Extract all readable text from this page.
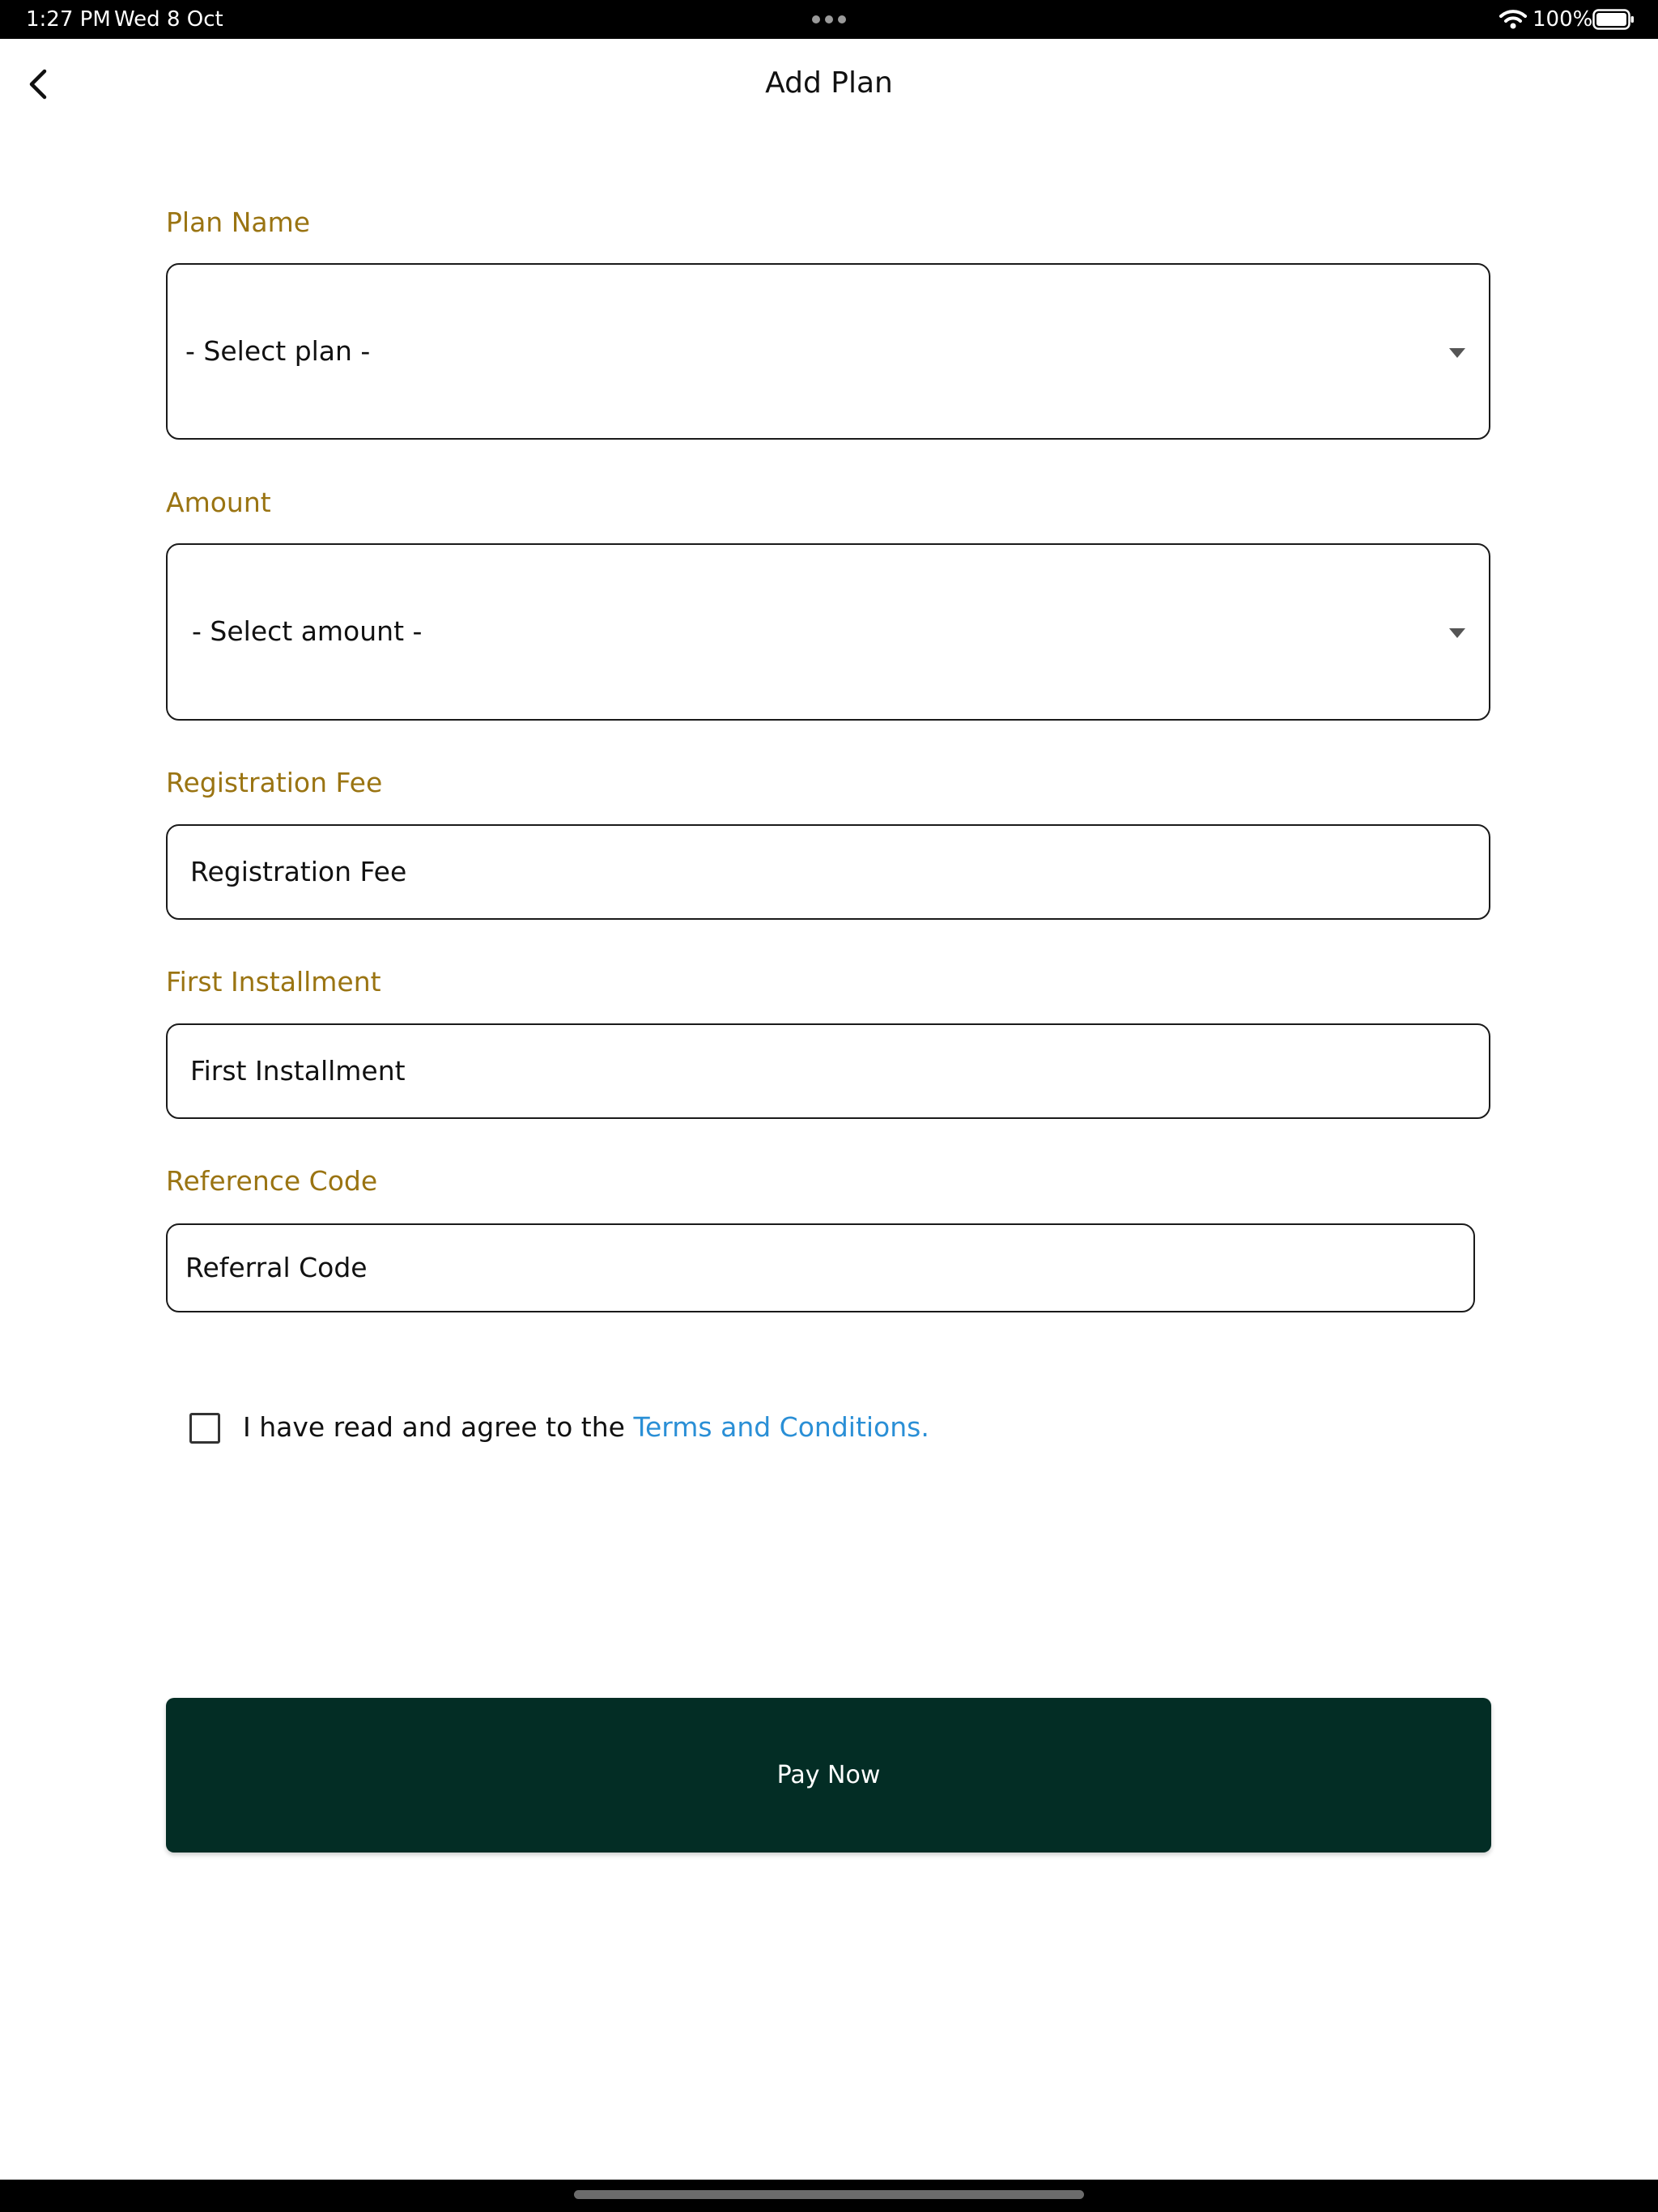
1:27 PM Wed 8 Oct	100%
Add Plan
Plan Name
- Select plan -
Amount
- Select amount -
Registration Fee
Registration Fee
First Installment
First Installment
Reference Code
Referral Code
I have read and agree to the Terms and Conditions.
Pay Now
